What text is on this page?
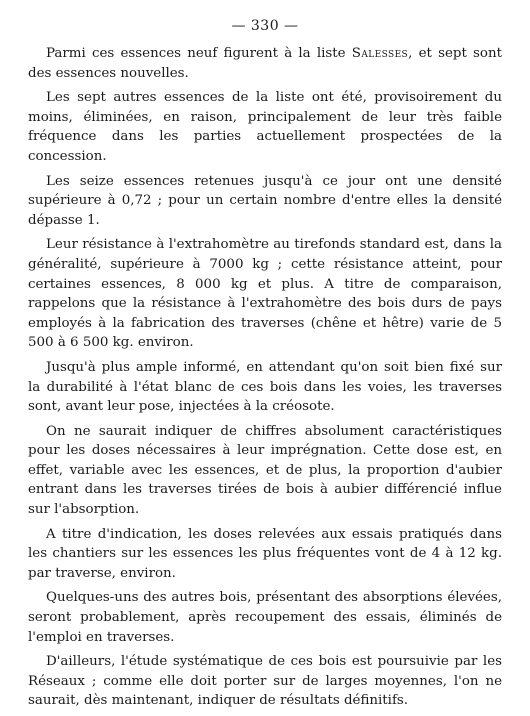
— 330 —

Parmi ces essences neuf figurent à la liste Salesses, et sept sont des essences nouvelles.

Les sept autres essences de la liste ont été, provisoirement du moins, éliminées, en raison, principalement de leur très faible fréquence dans les parties actuellement prospectées de la concession.

Les seize essences retenues jusqu'à ce jour ont une densité supérieure à 0,72 ; pour un certain nombre d'entre elles la densité dépasse 1.

Leur résistance à l'extrahomètre au tirefonds standard est, dans la généralité, supérieure à 7000 kg ; cette résistance atteint, pour certaines essences, 8 000 kg et plus. A titre de comparaison, rappelons que la résistance à l'extrahomètre des bois durs de pays employés à la fabrication des traverses (chêne et hêtre) varie de 5 500 à 6 500 kg. environ.

Jusqu'à plus ample informé, en attendant qu'on soit bien fixé sur la durabilité à l'état blanc de ces bois dans les voies, les traverses sont, avant leur pose, injectées à la créosote.

On ne saurait indiquer de chiffres absolument caractéristiques pour les doses nécessaires à leur imprégnation. Cette dose est, en effet, variable avec les essences, et de plus, la proportion d'aubier entrant dans les traverses tirées de bois à aubier différencié influe sur l'absorption.

A titre d'indication, les doses relevées aux essais pratiqués dans les chantiers sur les essences les plus fréquentes vont de 4 à 12 kg. par traverse, environ.

Quelques-uns des autres bois, présentant des absorptions élevées, seront probablement, après recoupement des essais, éliminés de l'emploi en traverses.

D'ailleurs, l'étude systématique de ces bois est poursuivie par les Réseaux ; comme elle doit porter sur de larges moyennes, l'on ne saurait, dès maintenant, indiquer de résultats définitifs.
